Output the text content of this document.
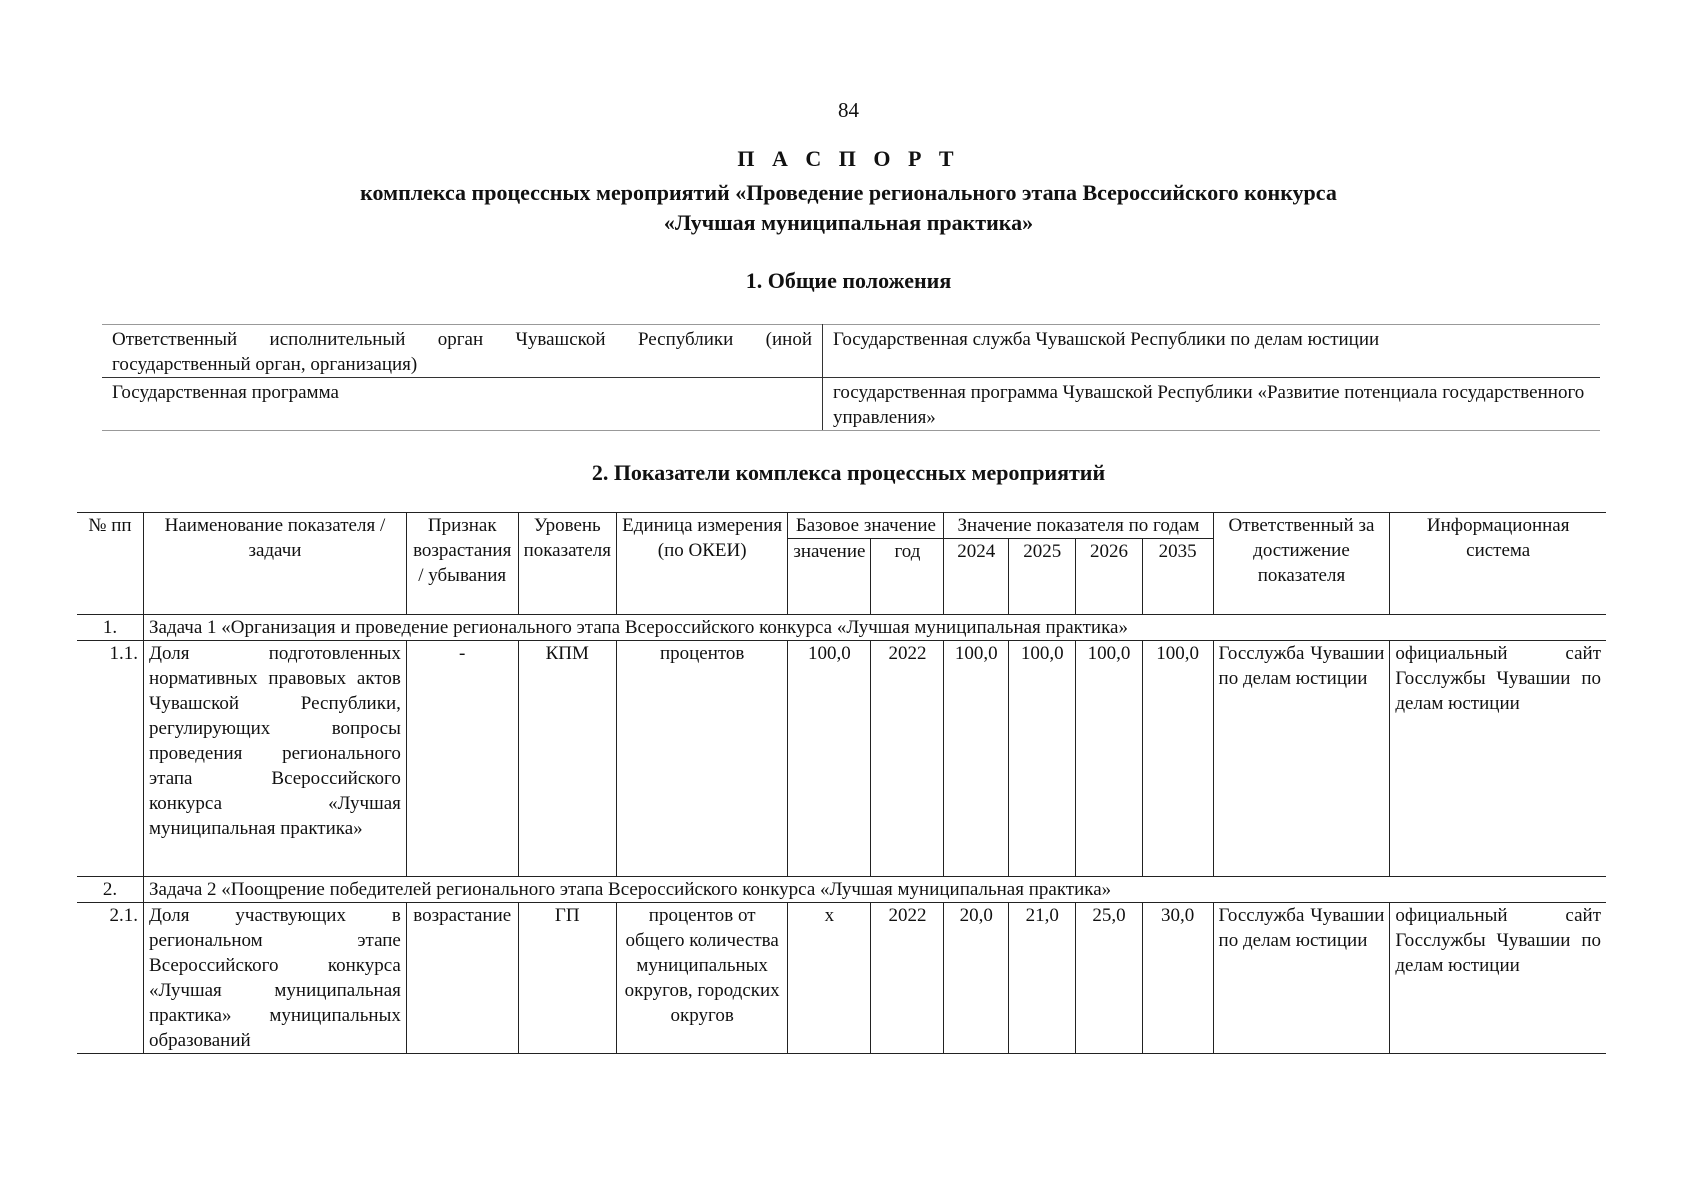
84
П А С П О Р Т
комплекса процессных мероприятий «Проведение регионального этапа Всероссийского конкурса
«Лучшая муниципальная практика»
1. Общие положения
Ответственный исполнительный орган Чувашской Республики (иной государственный орган, организация)	Государственная служба Чувашской Республики по делам юстиции
Государственная программа	государственная программа Чувашской Республики «Развитие потенциала государственного управления»
2. Показатели комплекса процессных мероприятий
№ пп	Наименование показателя / задачи	Признак возрастания / убывания	Уровень показателя	Единица измерения (по ОКЕИ)	Базовое значение		Значение показателя по годам				Ответственный за достижение показателя	Информационная система
					значение	год	2024	2025	2026	2035		
1.	Задача 1 «Организация и проведение регионального этапа Всероссийского конкурса «Лучшая муниципальная практика»											
1.1.	Доля подготовленных нормативных правовых актов Чувашской Республики, регулирующих вопросы проведения регионального этапа Всероссийского конкурса «Лучшая муниципальная практика»	-	КПМ	процентов	100,0	2022	100,0	100,0	100,0	100,0	Госслужба Чувашии по делам юстиции	официальный сайт Госслужбы Чувашии по делам юстиции
2.	Задача 2 «Поощрение победителей регионального этапа Всероссийского конкурса «Лучшая муниципальная практика»											
2.1.	Доля участвующих в региональном этапе Всероссийского конкурса «Лучшая муниципальная практика» муниципальных образований	возрастание	ГП	процентов от общего количества муниципальных округов, городских округов	х	2022	20,0	21,0	25,0	30,0	Госслужба Чувашии по делам юстиции	официальный сайт Госслужбы Чувашии по делам юстиции
